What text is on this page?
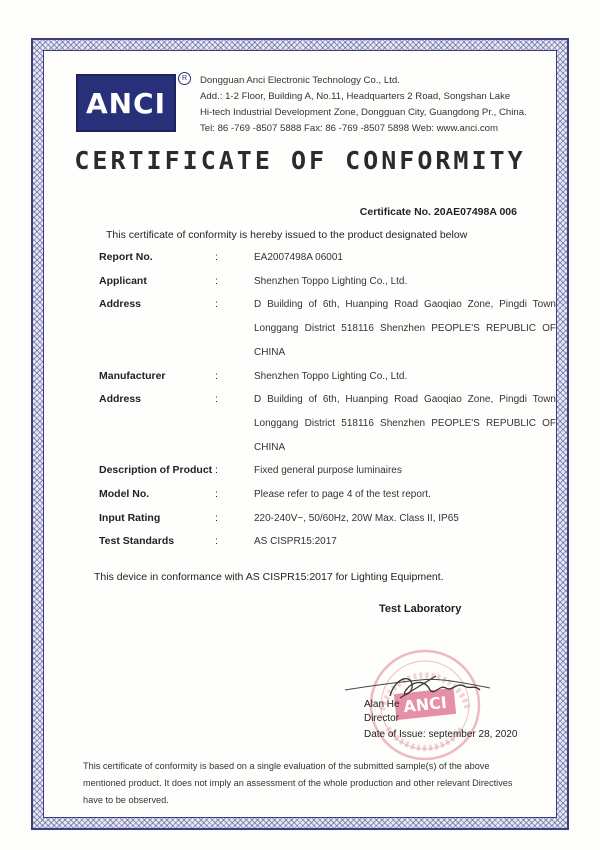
ANCI
R	Dongguan Anci Electronic Technology Co., Ltd.
Add.: 1-2 Floor, Building A, No.11, Headquarters 2 Road, Songshan Lake
Hi-tech Industrial Development Zone, Dongguan City, Guangdong Pr., China.
Tel: 86 -769 -8507 5888 Fax: 86 -769 -8507 5898 Web: www.anci.com
CERTIFICATE OF CONFORMITY
Certificate No. 20AE07498A 006
This certificate of conformity is hereby issued to the product designated below
Report No.	:	EA2007498A 06001
Applicant	:	Shenzhen Toppo Lighting Co., Ltd.
Address	:	D Building of 6th, Huanping Road Gaoqiao Zone, Pingdi Town
Longgang District 518116 Shenzhen PEOPLE'S REPUBLIC OF
CHINA
Manufacturer	:	Shenzhen Toppo Lighting Co., Ltd.
Address	:	D Building of 6th, Huanping Road Gaoqiao Zone, Pingdi Town
Longgang District 518116 Shenzhen PEOPLE'S REPUBLIC OF
CHINA
Description of Product :	Fixed general purpose luminaires
Model No.	:	Please refer to page 4 of the test report.
Input Rating	:	220-240V~, 50/60Hz, 20W Max. Class II, IP65
Test Standards	:	AS CISPR15:2017
This device in conformance with AS CISPR15:2017 for Lighting Equipment.
Test Laboratory
ANCI
Alan He
Director
Date of Issue: september 28, 2020
This certificate of conformity is based on a single evaluation of the submitted sample(s) of the above
mentioned product. It does not imply an assessment of the whole production and other relevant Directives
have to be observed.
